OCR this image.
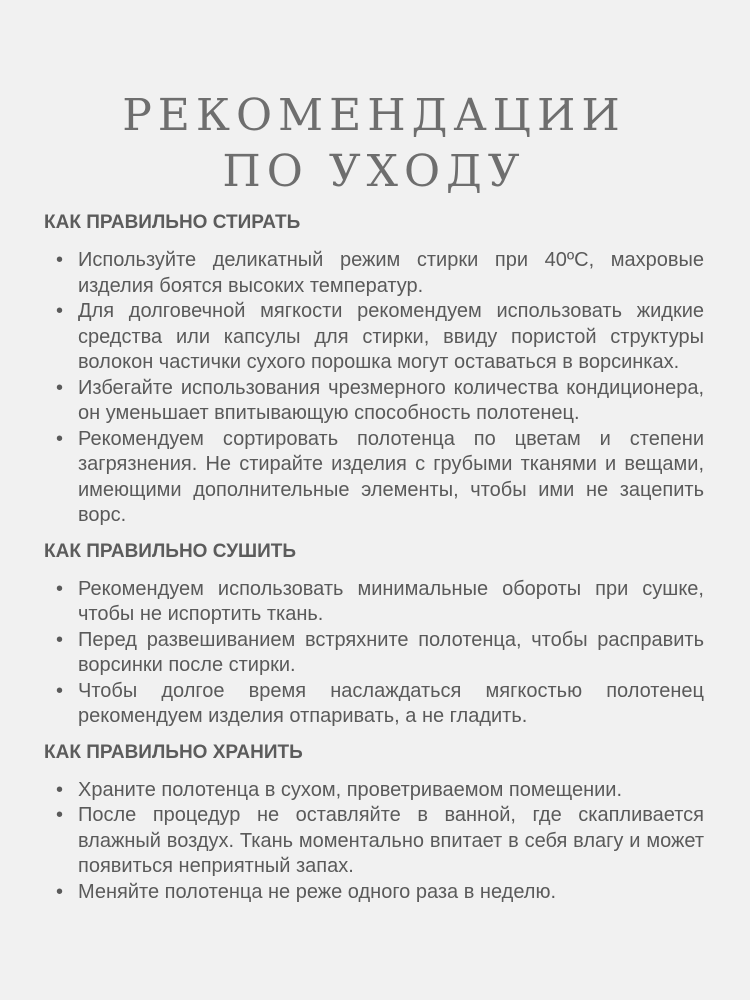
РЕКОМЕНДАЦИИ
ПО УХОДУ
КАК ПРАВИЛЬНО СТИРАТЬ
• Используйте деликатный режим стирки при 40ºС, махровые изделия боятся высоких температур.
• Для долговечной мягкости рекомендуем использовать жидкие средства или капсулы для стирки, ввиду пористой структуры волокон частички сухого порошка могут оставаться в ворсинках.
• Избегайте использования чрезмерного количества кондиционера, он уменьшает впитывающую способность полотенец.
• Рекомендуем сортировать полотенца по цветам и степени загрязнения. Не стирайте изделия с грубыми тканями и вещами, имеющими дополнительные элементы, чтобы ими не зацепить ворс.
КАК ПРАВИЛЬНО СУШИТЬ
• Рекомендуем использовать минимальные обороты при сушке, чтобы не испортить ткань.
• Перед развешиванием встряхните полотенца, чтобы расправить ворсинки после стирки.
• Чтобы долгое время наслаждаться мягкостью полотенец рекомендуем изделия отпаривать, а не гладить.
КАК ПРАВИЛЬНО ХРАНИТЬ
• Храните полотенца в сухом, проветриваемом помещении.
• После процедур не оставляйте в ванной, где скапливается влажный воздух. Ткань моментально впитает в себя влагу и может появиться неприятный запах.
• Меняйте полотенца не реже одного раза в неделю.
